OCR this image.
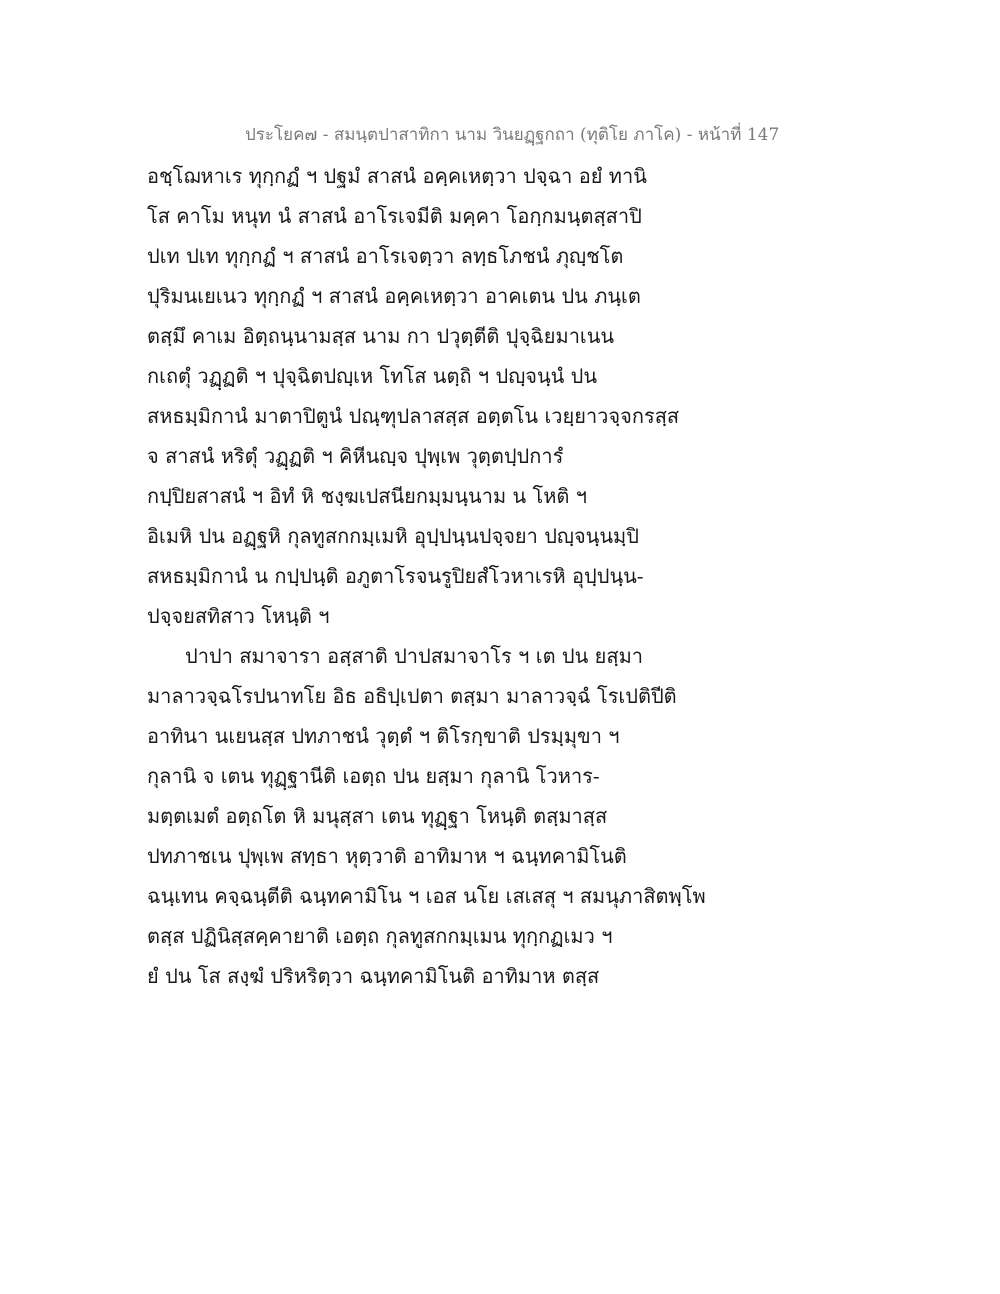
ประโยค๗ - สมนฺตปาสาทิกา นาม วินยฏฺฐกถา (ทุติโย ภาโค) - หน้าที่ 147
อชฺโฌหาเร ทุกฺกฏํ ฯ ปฐมํ สาสนํ อคฺคเหตฺวา ปจฺฉา อยํ ทานิ
โส คาโม หนุท นํ สาสนํ อาโรเจมีติ มคฺคา โอกฺกมนฺตสฺสาปิ
ปเท ปเท ทุกฺกฏํ ฯ สาสนํ อาโรเจตฺวา ลทฺธโภชนํ ภุญฺชโต
ปุริมนเยเนว ทุกฺกฏํ ฯ สาสนํ อคฺคเหตฺวา อาคเตน ปน ภนฺเต
ตสฺมึ คาเม อิตฺถนฺนามสฺส นาม กา ปวุตฺตีติ ปุจฺฉิยมาเนน
กเถตุํ วฏฺฏติ ฯ ปุจฺฉิตปญฺเห โทโส นตฺถิ ฯ ปญฺจนฺนํ ปน
สหธมฺมิกานํ มาตาปิตูนํ ปณฺฑุปลาสสฺส อตฺตโน เวยฺยาวจฺจกรสฺส
จ สาสนํ หริตุํ วฏฺฏติ ฯ คิหีนญฺจ ปุพฺเพ วุตฺตปฺปการํ
กปฺปิยสาสนํ ฯ อิทํ หิ ชงฺฆเปสนียกมฺมนฺนาม น โหติ ฯ
อิเมหิ ปน อฏฺฐหิ กุลทูสกกมฺเมหิ อุปฺปนฺนปจฺจยา ปญฺจนฺนมฺปิ
สหธมฺมิกานํ น กปฺปนฺติ อภูตาโรจนรูปิยสํโวหาเรหิ อุปฺปนฺน-
ปจฺจยสทิสาว โหนฺติ ฯ
ปาปา สมาจารา อสฺสาติ ปาปสมาจาโร ฯ เต ปน ยสฺมา
มาลาวจฺฉโรปนาทโย อิธ อธิปฺเปตา ตสฺมา มาลาวจฺฉํ โรเปติปีติ
อาทินา นเยนสฺส ปทภาชนํ วุตฺตํ ฯ ติโรกฺขาติ ปรมฺมุขา ฯ
กุลานิ จ เตน ทุฏฺฐานีติ เอตฺถ ปน ยสฺมา กุลานิ โวหาร-
มตฺตเมตํ อตฺถโต หิ มนุสฺสา เตน ทุฏฺฐา โหนฺติ ตสฺมาสฺส
ปทภาชเน ปุพฺเพ สทฺธา หุตฺวาติ อาทิมาห ฯ ฉนฺทคามิโนติ
ฉนฺเทน คจฺฉนฺตีติ ฉนฺทคามิโน ฯ เอส นโย เสเสสุ ฯ สมนุภาสิตพฺโพ
ตสฺส ปฏินิสฺสคฺคายาติ เอตฺถ กุลทูสกกมฺเมน ทุกฺกฏเมว ฯ
ยํ ปน โส สงฺฆํ ปริหริตฺวา ฉนฺทคามิโนติ อาทิมาห ตสฺส
